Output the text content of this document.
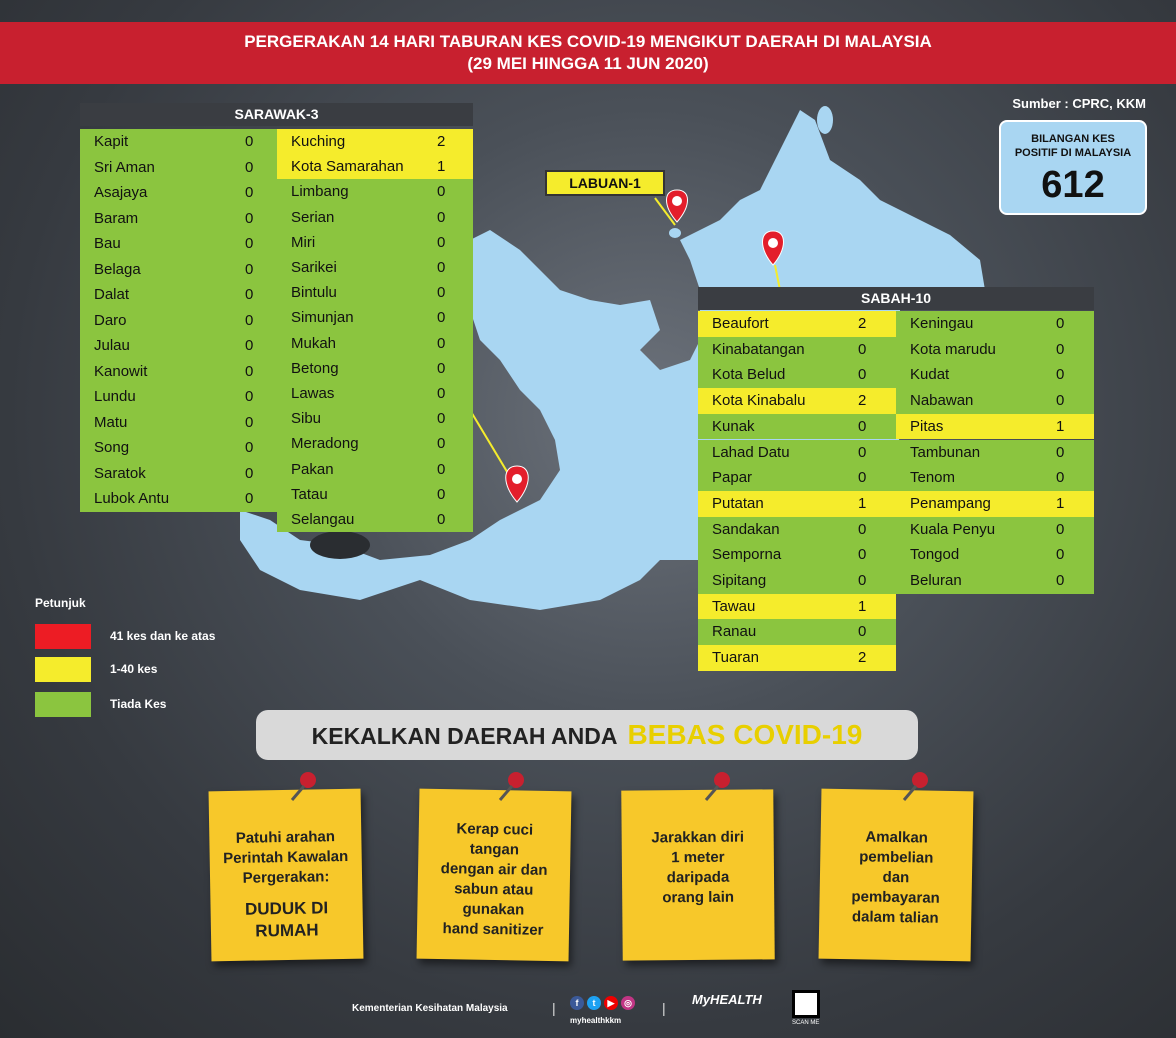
PERGERAKAN 14 HARI TABURAN KES COVID-19 MENGIKUT DAERAH DI MALAYSIA
(29 MEI HINGGA 11 JUN 2020)
Sumber : CPRC, KKM
BILANGAN KES POSITIF DI MALAYSIA
612
SARAWAK-3
Kapit	0
Sri Aman	0
Asajaya	0
Baram	0
Bau	0
Belaga	0
Dalat	0
Daro	0
Julau	0
Kanowit	0
Lundu	0
Matu	0
Song	0
Saratok	0
Lubok Antu	0
Kuching	2
Kota Samarahan 1
Limbang	0
Serian	0
Miri	0
Sarikei	0
Bintulu	0
Simunjan	0
Mukah	0
Betong	0
Lawas	0
Sibu	0
Meradong	0
Pakan	0
Tatau	0
Selangau	0
LABUAN-1
SABAH-10
Beaufort	2
Kinabatangan	0
Kota Belud	0
Kota Kinabalu	2
Kunak	0
Lahad Datu	0
Papar	0
Putatan	1
Sandakan	0
Semporna	0
Sipitang	0
Tawau	1
Ranau	0
Tuaran	2
Keningau	0
Kota marudu	0
Kudat	0
Nabawan	0
Pitas	1
Tambunan	0
Tenom	0
Penampang	1
Kuala Penyu	0
Tongod	0
Beluran	0
Petunjuk
41 kes dan ke atas
1-40 kes
Tiada Kes
KEKALKAN DAERAH ANDA BEBAS COVID-19
Patuhi arahan
Perintah Kawalan
Pergerakan:
DUDUK DI
RUMAH
Kerap cuci
tangan
dengan air dan
sabun atau
gunakan
hand sanitizer
Jarakkan diri
1 meter
daripada
orang lain
Amalkan
pembelian
dan
pembayaran
dalam talian
Kementerian Kesihatan Malaysia	|	f	t	▶	◎
myhealthkkm
|
MyHEALTH
SCAN ME
